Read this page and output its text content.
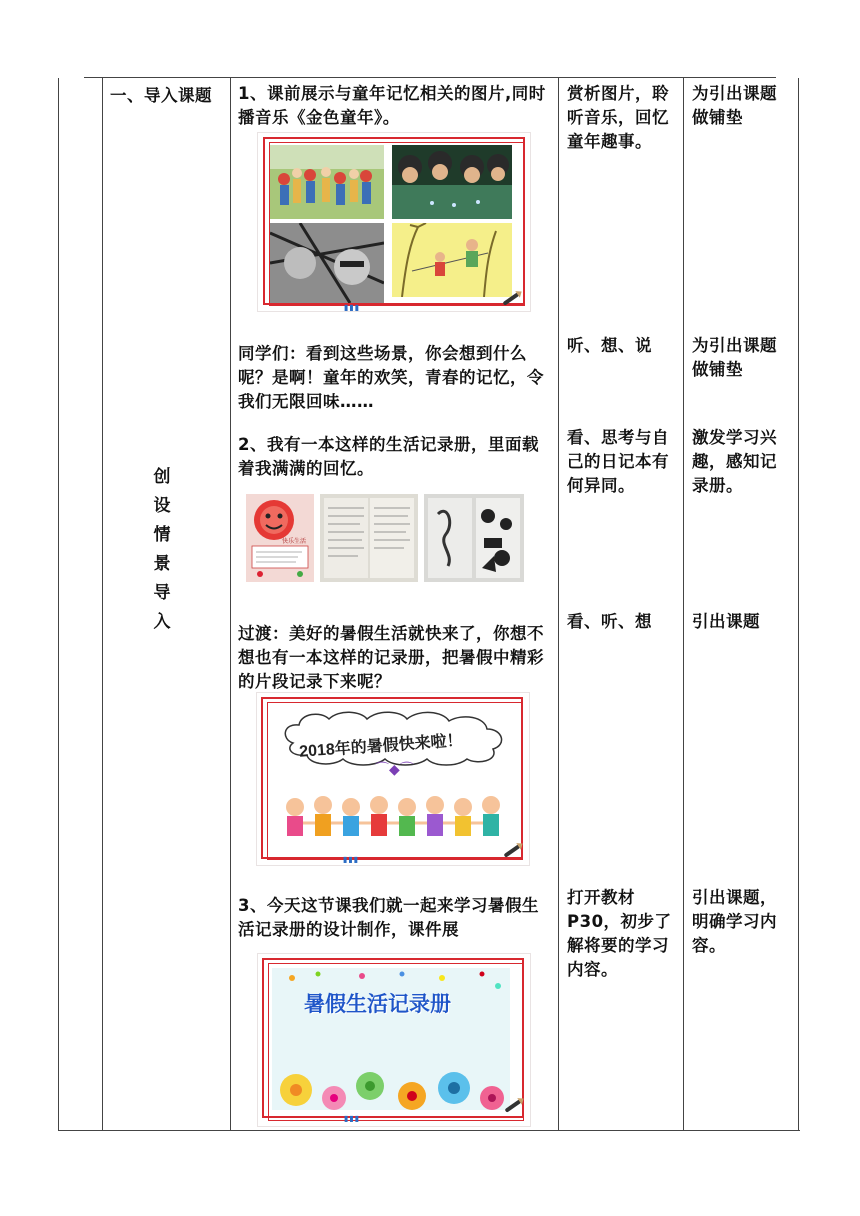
一、导入课题
创
设
情
景
导
入
1、课前展示与童年记忆相关的图片,同时播音乐《金色童年》。
赏析图片，聆听音乐，回忆童年趣事。
为引出课题做铺垫
▮▮▮
同学们：看到这些场景，你会想到什么呢？是啊！童年的欢笑，青春的记忆，令我们无限回味……
听、想、说	为引出课题做铺垫
2、我有一本这样的生活记录册，里面载着我满满的回忆。
看、思考与自己的日记本有何异同。
激发学习兴趣，感知记录册。
快乐生活
过渡：美好的暑假生活就快来了，你想不想也有一本这样的记录册，把暑假中精彩的片段记录下来呢？
看、听、想	引出课题
2018年的暑假快来啦！
⌒◆⌒
▮▮▮
3、今天这节课我们就一起来学习暑假生活记录册的设计制作，课件展
打开教材P30，初步了解将要的学习内容。
引出课题，明确学习内容。
暑假生活记录册
▮▮▮
